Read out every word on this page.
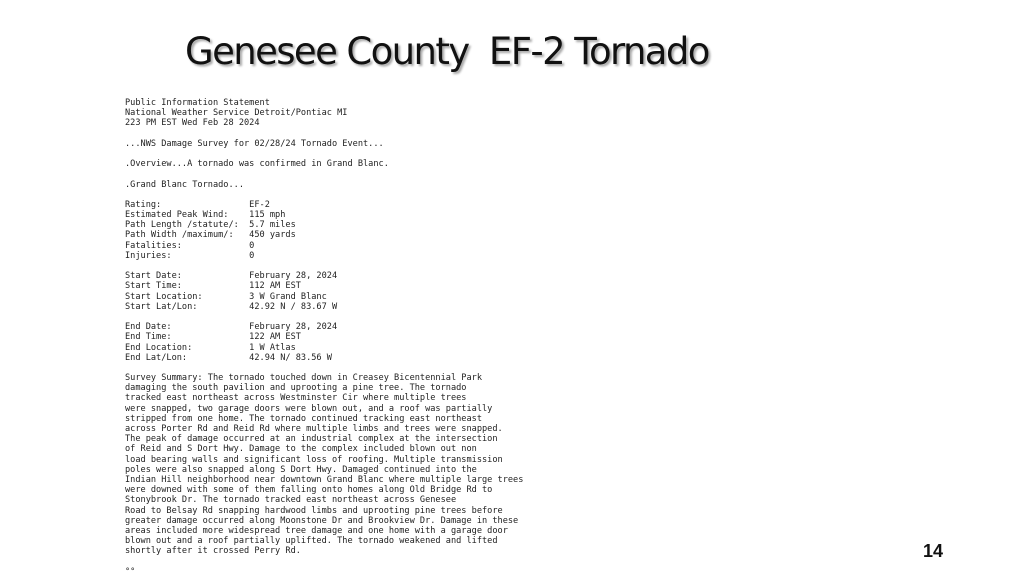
Genesee County  EF-2 Tornado
Public Information Statement
National Weather Service Detroit/Pontiac MI
223 PM EST Wed Feb 28 2024
...NWS Damage Survey for 02/28/24 Tornado Event...
.Overview...A tornado was confirmed in Grand Blanc.
.Grand Blanc Tornado...
Rating:                 EF-2
Estimated Peak Wind:    115 mph
Path Length /statute/:  5.7 miles
Path Width /maximum/:   450 yards
Fatalities:             0
Injuries:               0
Start Date:             February 28, 2024
Start Time:             112 AM EST
Start Location:         3 W Grand Blanc
Start Lat/Lon:          42.92 N / 83.67 W
End Date:               February 28, 2024
End Time:               122 AM EST
End Location:           1 W Atlas
End Lat/Lon:            42.94 N/ 83.56 W
Survey Summary: The tornado touched down in Creasey Bicentennial Park
damaging the south pavilion and uprooting a pine tree. The tornado
tracked east northeast across Westminster Cir where multiple trees
were snapped, two garage doors were blown out, and a roof was partially
stripped from one home. The tornado continued tracking east northeast
across Porter Rd and Reid Rd where multiple limbs and trees were snapped.
The peak of damage occurred at an industrial complex at the intersection
of Reid and S Dort Hwy. Damage to the complex included blown out non
load bearing walls and significant loss of roofing. Multiple transmission
poles were also snapped along S Dort Hwy. Damaged continued into the
Indian Hill neighborhood near downtown Grand Blanc where multiple large trees
were downed with some of them falling onto homes along Old Bridge Rd to
Stonybrook Dr. The tornado tracked east northeast across Genesee
Road to Belsay Rd snapping hardwood limbs and uprooting pine trees before
greater damage occurred along Moonstone Dr and Brookview Dr. Damage in these
areas included more widespread tree damage and one home with a garage door
blown out and a roof partially uplifted. The tornado weakened and lifted
shortly after it crossed Perry Rd.
°°
14
